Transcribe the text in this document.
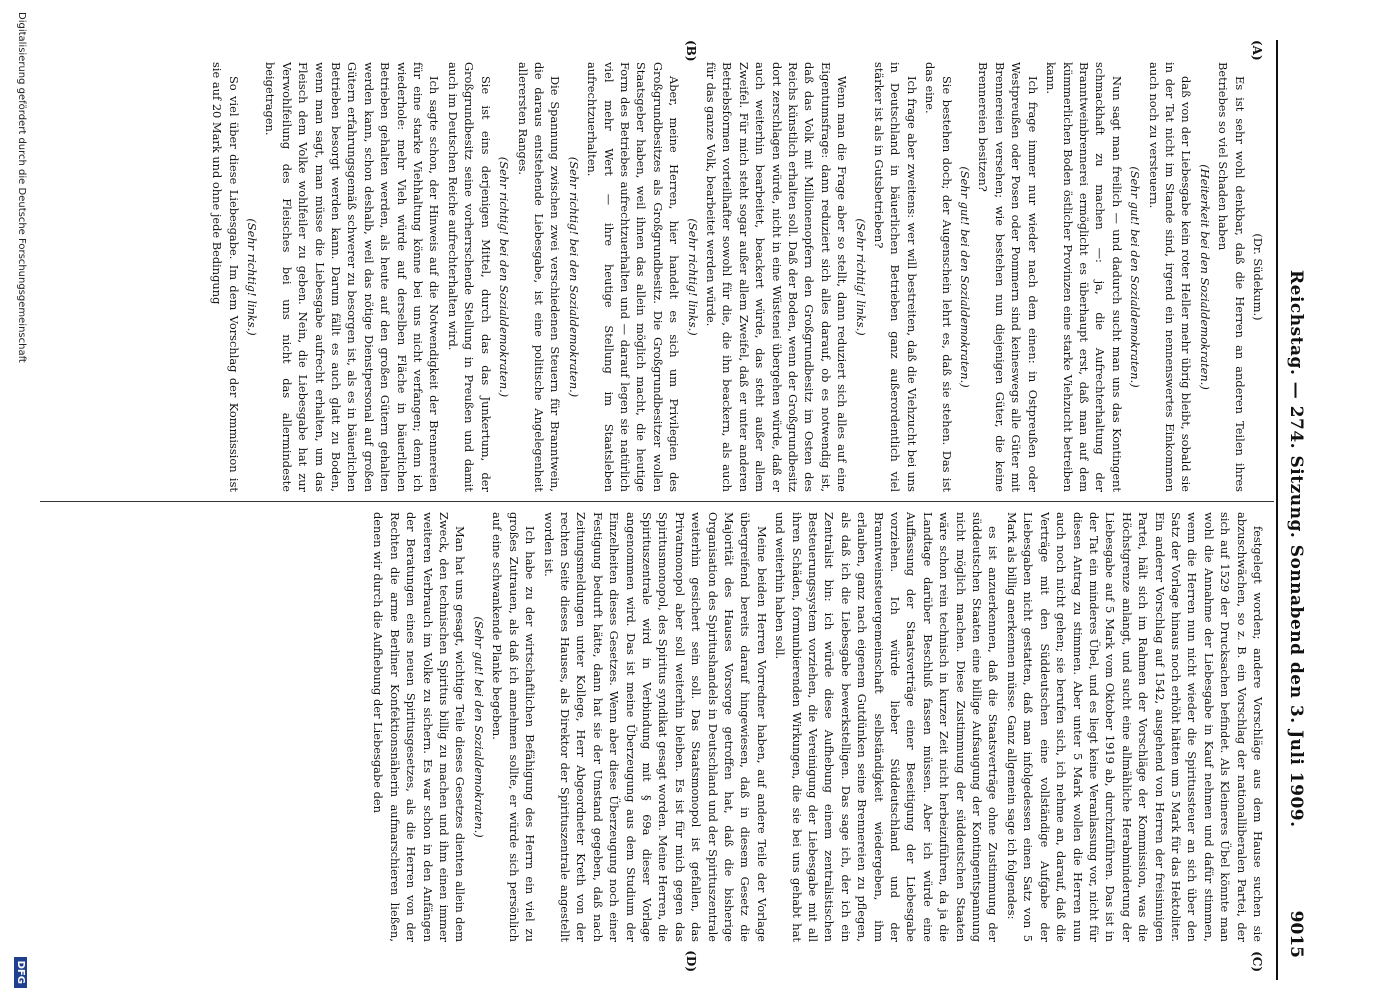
Reichstag. — 274. Sitzung. Sonnabend den 3. Juli 1909.
9015
(A)
(B)
(C)
(D)

(Dr. Südekum.)

Es ist sehr wohl denkbar, daß die Herren an anderen Teilen ihres Betriebes so viel Schaden haben

(Heiterkeit bei den Sozialdemokraten.)

daß von der Liebesgabe kein roter Heller mehr übrig bleibt, sobald sie in der Tat nicht im Stande sind, irgend ein nennenswertes Einkommen auch noch zu versteuern.

(Sehr gut! bei den Sozialdemokraten.)

Nun sagt man freilich — und dadurch sucht man uns das Kontingent schmackhaft zu machen —: ja, die Aufrechterhaltung der Branntweinbrennerei ermöglicht es überhaupt erst, daß man auf dem kümmerlichen Boden östlicher Provinzen eine starke Viehzucht betreiben kann.

Ich frage immer nur wieder nach dem einen: in Ostpreußen oder Westpreußen oder Posen oder Pommern sind keineswegs alle Güter mit Brennereien versehen; wie bestehen nun diejenigen Güter, die keine Brennereien besitzen?

(Sehr gut! bei den Sozialdemokraten.)

Sie bestehen doch; der Augenschein lehrt es, daß sie stehen. Das ist das eine.

Ich frage aber zweitens: wer will bestreiten, daß die Viehzucht bei uns in Deutschland in bäuerlichen Betrieben ganz außerordentlich viel stärker ist als in Gutsbetrieben?

(Sehr richtig! links.)

Wenn man die Frage aber so stellt, dann reduziert sich alles auf eine Eigentumsfrage: dann reduziert sich alles darauf, ob es notwendig ist, daß das Volk mit Millionenopfern den Großgrundbesitz im Osten des Reichs künstlich erhalten soll. Daß der Boden, wenn der Großgrundbesitz dort zerschlagen würde, nicht in eine Wüstenei übergehen würde, daß er auch weiterhin bearbeitet, beackert würde, das steht außer allem Zweifel. Für mich steht sogar außer allem Zweifel, daß er unter anderen Betriebsformen vorteilhafter sowohl für die, die ihn beackern, als auch für das ganze Volk, bearbeitet werden würde.

(Sehr richtig! links.)

Aber, meine Herren, hier handelt es sich um Privilegien des Großgrundbesitzes als Großgrundbesitz. Die Großgrundbesitzer wollen Staatsgeber haben, weil ihnen das allein möglich macht, die heutige Form des Betriebes aufrechtzuerhalten und — darauf legen sie natürlich viel mehr Wert — ihre heutige Stellung im Staatsleben aufrechtzuerhalten.

(Sehr richtig! bei den Sozialdemokraten.)

Die Spannung zwischen zwei verschiedenen Steuern für Branntwein, die daraus entstehende Liebesgabe, ist eine politische Angelegenheit allerersten Ranges.

(Sehr richtig! bei den Sozialdemokraten.)

Sie ist eins derjenigen Mittel, durch das das Junkertum, der Großgrundbesitz seine vorherrschende Stellung in Preußen und damit auch im Deutschen Reiche aufrechterhalten wird.

Ich sagte schon, der Hinweis auf die Notwendigkeit der Brennereien für eine starke Viehhaltung könne bei uns nicht verfangen; denn ich wiederhole: mehr Vieh würde auf derselben Fläche in bäuerlichen Betrieben gehalten werden, als heute auf den großen Gütern gehalten werden kann, schon deshalb, weil das nötige Dienstpersonal auf großen Gütern erfahrungsgemäß schwerer zu besorgen ist, als es in bäuerlichen Betrieben besorgt werden kann. Darum fällt es auch glatt zu Boden, wenn man sagt, man müsse die Liebesgabe aufrecht erhalten, um das Fleisch dem Volke wohlfeiler zu geben. Nein, die Liebesgabe hat zur Verwohlfeilung des Fleisches bei uns nicht das allermindeste beigetragen.

(Sehr richtig! links.)

So viel über diese Liebesgabe. Im dem Vorschlag der Kommission ist sie auf 20 Mark und ohne jede Bedingung

festgelegt worden; andere Vorschläge aus dem Hause suchen sie abzuschwächen, so z. B. ein Vorschlag der nationalliberalen Partei, der sich auf 1529 der Drucksachen befindet. Als Kleineres Übel könnte man wohl die Annahme der Liebesgabe in Kauf nehmen und dafür stimmen, wenn die Herren nun nicht wieder die Spiritussteuer an sich über den Satz der Vorlage hinaus noch erhöht hätten um 5 Mark für das Hektoliter. Ein anderer Vorschlag auf 1542, ausgehend von Herren der freisinnigen Partei, hält sich im Rahmen der Vorschläge der Kommission, was die Höchstgrenze anlangt, und sucht eine allmähliche Herabminderung der Liebesgabe auf 5 Mark vom Oktober 1919 ab, durchzuführen. Das ist in der Tat ein minderes Übel, und es liegt keine Veranlassung vor, nicht für diesen Antrag zu stimmen. Aber unter 5 Mark wollen die Herren nun auch noch nicht gehen; sie berufen sich, ich nehme an, darauf, daß die Verträge mit den Süddeutschen eine vollständige Aufgabe der Liebesgaben nicht gestatten, daß man infolgedessen einen Satz von 5 Mark als billig anerkennen müsse. Ganz allgemein sage ich folgendes:

es ist anzuerkennen, daß die Staatsverträge ohne Zustimmung der süddeutschen Staaten eine billige Aufsaugung der Kontingentspannung nicht möglich machen. Diese Zustimmung der süddeutschen Staaten wäre schon rein technisch in kurzer Zeit nicht herbeizuführen, da ja die Landtage darüber Beschluß fassen müssen. Aber ich würde eine Auffassung der Staatsverträge einer Beseitigung der Liebesgabe vorziehen. Ich würde lieber Süddeutschland und der Branntweinsteuergemeinschaft selbständigkeit wiedergeben, ihm erlauben, ganz nach eigenem Gutdünken seine Brennereien zu pflegen, als daß ich die Liebesgabe bewerkstelligen. Das sage ich, der ich ein Zentralist bin: ich würde diese Aufhebung einem zentralistischen Besteuerungssystem vorziehen, die Vereinigung der Liebesgabe mit all ihren Schäden, formunbierenden Wirkungen, die sie bei uns gehabt hat und weiterhin haben soll.

Meine beiden Herren Vorredner haben, auf andere Teile der Vorlage übergreifend bereits darauf hingewiesen, daß in diesem Gesetz die Majorität des Hauses Vorsorge getroffen hat, daß die bisherige Organisation des Spiritushandels in Deutschland und der Spirituszentrale weiterhin gesichert sein soll. Das Staatsmonopol ist gefallen, das Privatmonopol aber soll weiterhin bleiben. Es ist für mich gegen das Spiritusmonopol, des Spiritus syndikat gesagt worden. Meine Herren, die Spirituszentrale wird in Verbindung mit § 69a dieser Vorlage angenommen wird. Das ist meine Überzeugung aus dem Studium der Einzelheiten dieses Gesetzes. Wenn aber diese Überzeugung noch einer Festigung bedurft hätte, dann hat sie der Umstand gegeben, daß nach Zeitungsmeldungen unter Kollege, Herr Abgeordneter Kreth von der rechten Seite dieses Hauses, als Direktor der Spirituszentrale angestellt worden ist.

Ich habe zu der wirtschaftlichen Befähigung des Herrn ein viel zu großes Zutrauen, als daß ich annehmen sollte, er würde sich persönlich auf eine schwankende Planke begeben.

(Sehr gut! bei den Sozialdemokraten.)

Man hat uns gesagt, wichtige Teile dieses Gesetzes dienten allein dem Zweck, den technischen Spiritus billig zu machen und ihm einen immer weiteren Verbrauch im Volke zu sichern. Es war schon in den Anfängen der Beratungen eines neuen Spiritusgesetzes, als die Herren von der Rechten die arme Berliner Konfektionsnäherin aufmarschieren ließen, denen wir durch die Aufhebung der Liebesgabe den

Digitalisierung gefördert durch die Deutsche Forschungsgemeinschaft
DFG
